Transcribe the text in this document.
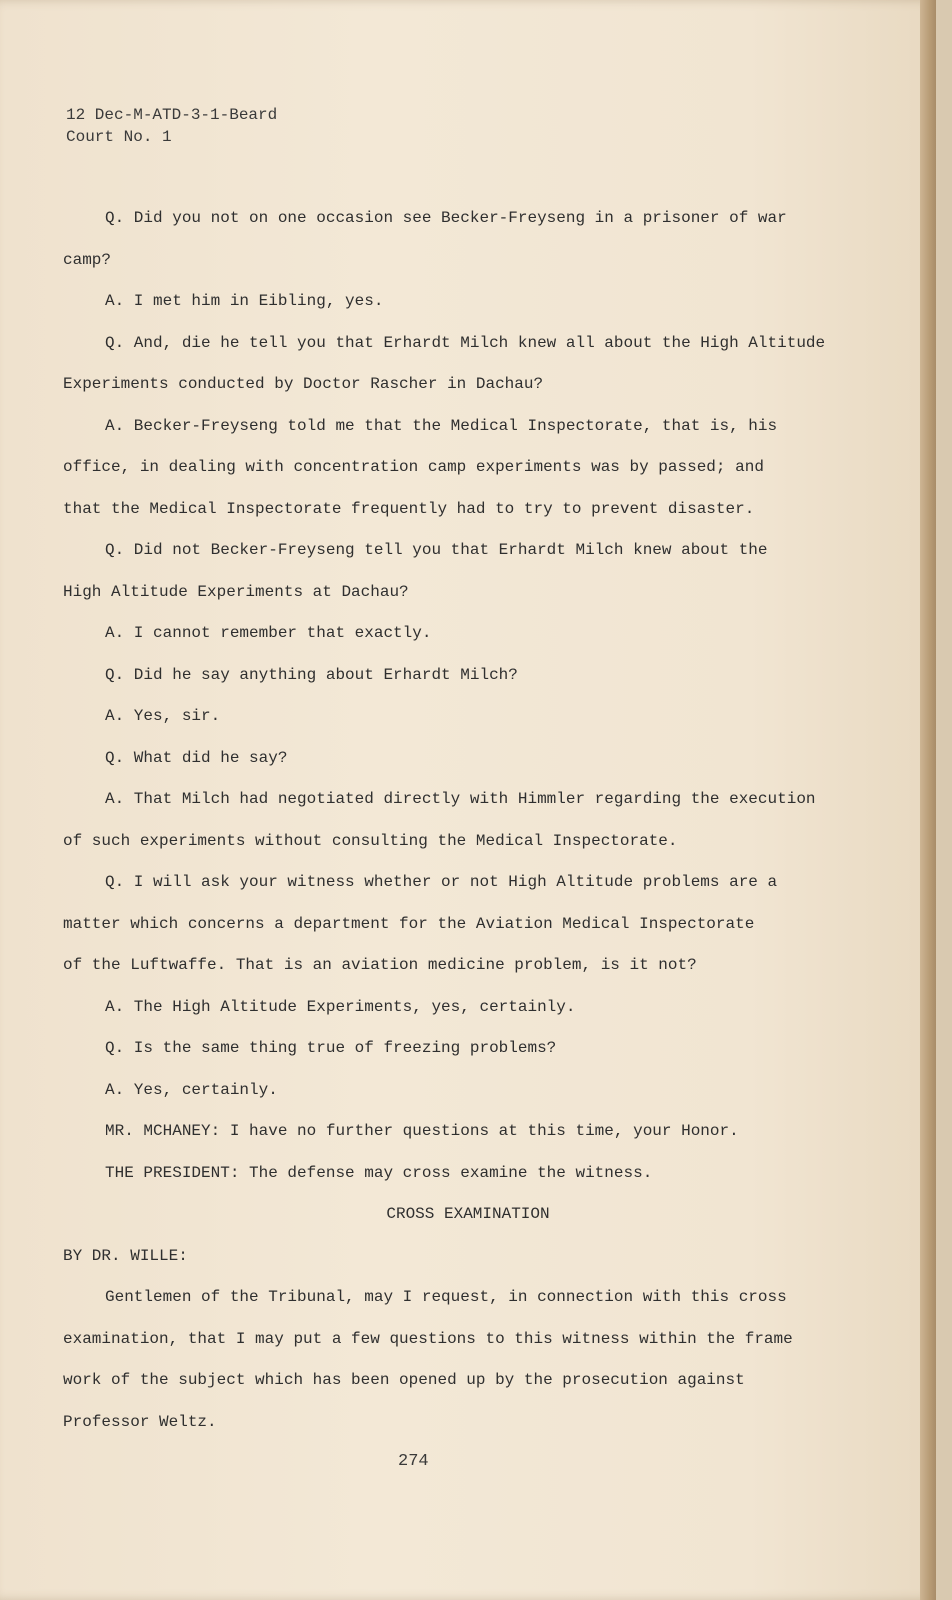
12 Dec-M-ATD-3-1-Beard
Court No. 1
Q. Did you not on one occasion see Becker-Freyseng in a prisoner of war
camp?
A. I met him in Eibling, yes.
Q. And, die he tell you that Erhardt Milch knew all about the High Altitude
Experiments conducted by Doctor Rascher in Dachau?
A. Becker-Freyseng told me that the Medical Inspectorate, that is, his
office, in dealing with concentration camp experiments was by passed; and
that the Medical Inspectorate frequently had to try to prevent disaster.
Q. Did not Becker-Freyseng tell you that Erhardt Milch knew about the
High Altitude Experiments at Dachau?
A. I cannot remember that exactly.
Q. Did he say anything about Erhardt Milch?
A. Yes, sir.
Q. What did he say?
A. That Milch had negotiated directly with Himmler regarding the execution
of such experiments without consulting the Medical Inspectorate.
Q. I will ask your witness whether or not High Altitude problems are a
matter which concerns a department for the Aviation Medical Inspectorate
of the Luftwaffe. That is an aviation medicine problem, is it not?
A. The High Altitude Experiments, yes, certainly.
Q. Is the same thing true of freezing problems?
A. Yes, certainly.
MR. MCHANEY: I have no further questions at this time, your Honor.
THE PRESIDENT: The defense may cross examine the witness.
CROSS EXAMINATION
BY DR. WILLE:
Gentlemen of the Tribunal, may I request, in connection with this cross
examination, that I may put a few questions to this witness within the frame
work of the subject which has been opened up by the prosecution against
Professor Weltz.
274
